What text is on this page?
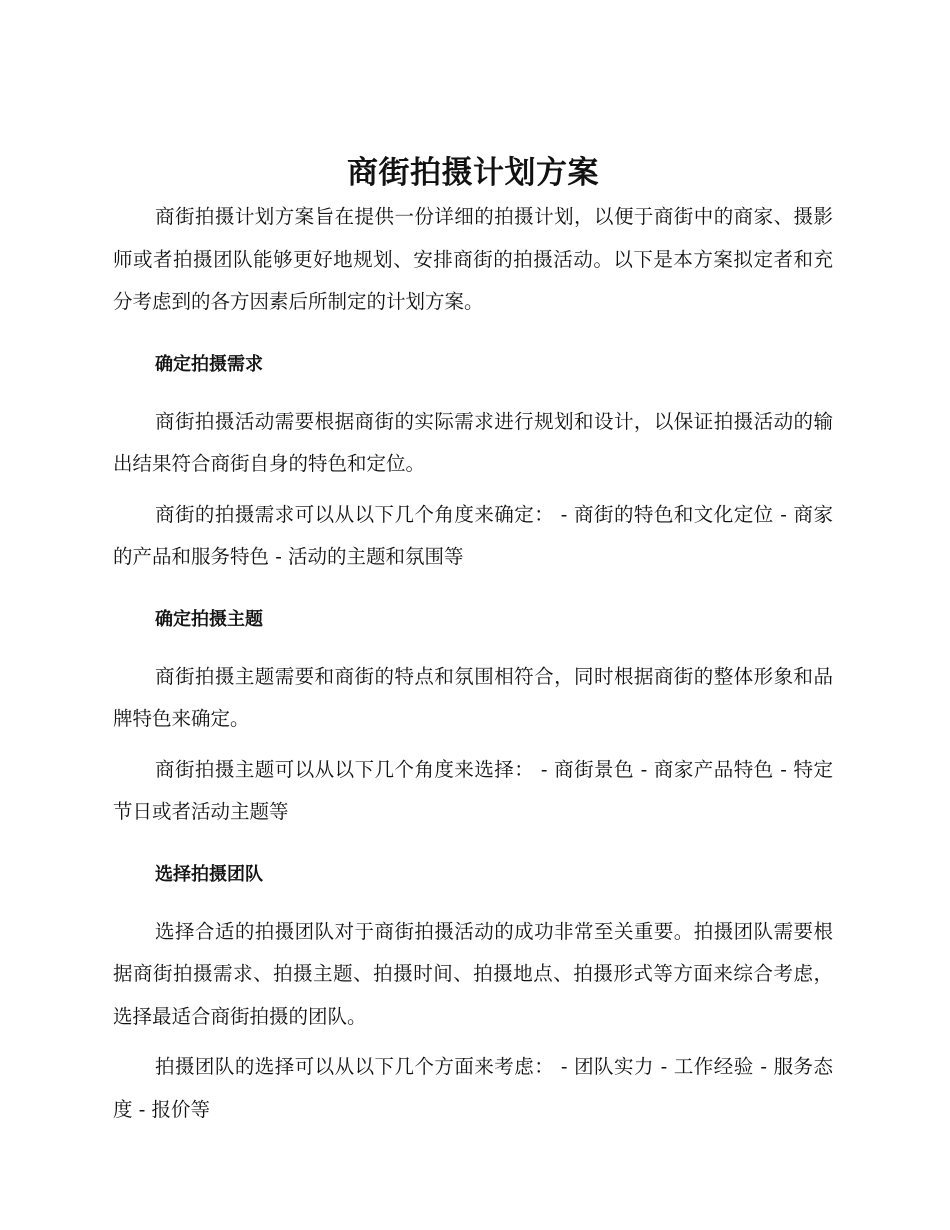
商街拍摄计划方案

商街拍摄计划方案旨在提供一份详细的拍摄计划，以便于商街中的商家、摄影师或者拍摄团队能够更好地规划、安排商街的拍摄活动。以下是本方案拟定者和充分考虑到的各方因素后所制定的计划方案。

确定拍摄需求

商街拍摄活动需要根据商街的实际需求进行规划和设计，以保证拍摄活动的输出结果符合商街自身的特色和定位。

商街的拍摄需求可以从以下几个角度来确定： - 商街的特色和文化定位 - 商家的产品和服务特色 - 活动的主题和氛围等

确定拍摄主题

商街拍摄主题需要和商街的特点和氛围相符合，同时根据商街的整体形象和品牌特色来确定。

商街拍摄主题可以从以下几个角度来选择： - 商街景色 - 商家产品特色 - 特定节日或者活动主题等

选择拍摄团队

选择合适的拍摄团队对于商街拍摄活动的成功非常至关重要。拍摄团队需要根据商街拍摄需求、拍摄主题、拍摄时间、拍摄地点、拍摄形式等方面来综合考虑，选择最适合商街拍摄的团队。

拍摄团队的选择可以从以下几个方面来考虑： - 团队实力 - 工作经验 - 服务态度 - 报价等
